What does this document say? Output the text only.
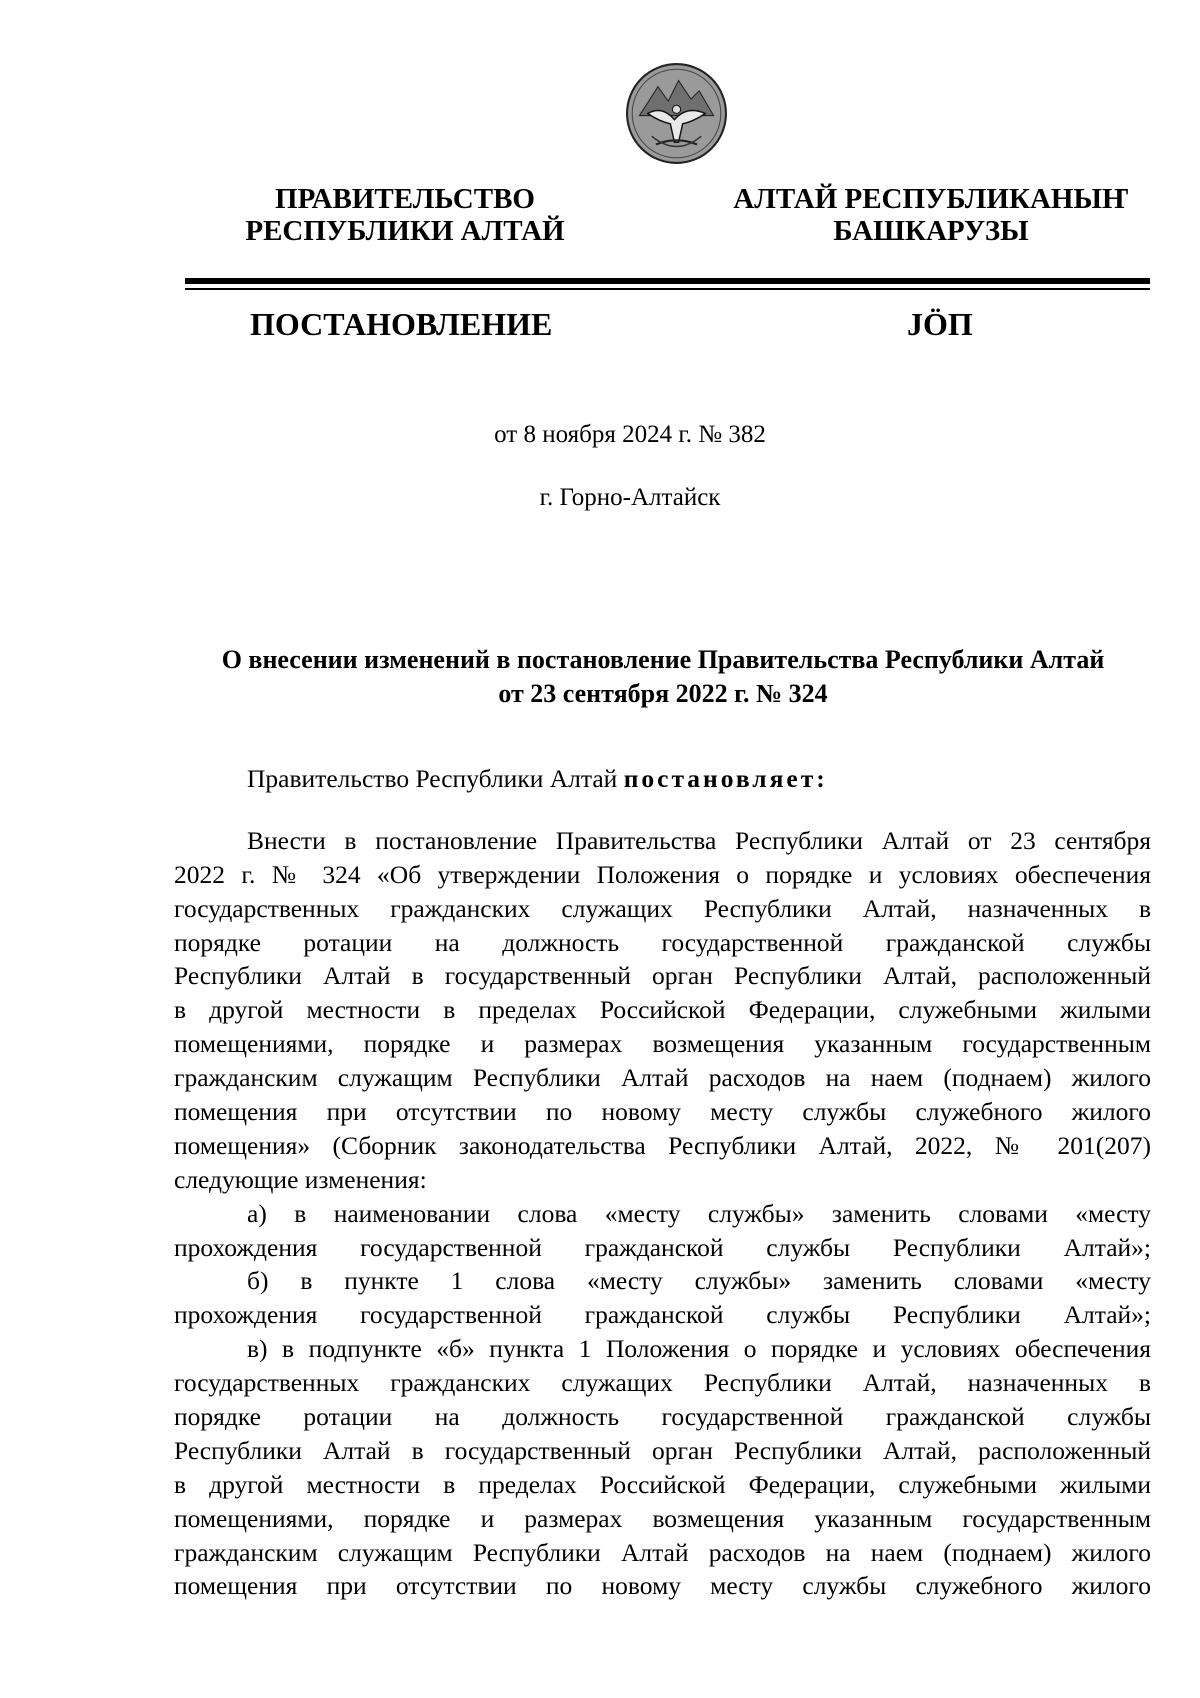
ПРАВИТЕЛЬСТВО
РЕСПУБЛИКИ АЛТАЙ
АЛТАЙ РЕСПУБЛИКАНЫҤ
БАШКАРУЗЫ
ПОСТАНОВЛЕНИЕ	JÖП
от 8 ноября 2024 г. № 382
г. Горно-Алтайск
О внесении изменений в постановление Правительства Республики Алтай
от 23 сентября 2022 г. № 324
Правительство Республики Алтай постановляет:
Внести в постановление Правительства Республики Алтай от 23 сентября
2022 г. № 324 «Об утверждении Положения о порядке и условиях обеспечения
государственных гражданских служащих Республики Алтай, назначенных в
порядке ротации на должность государственной гражданской службы
Республики Алтай в государственный орган Республики Алтай, расположенный
в другой местности в пределах Российской Федерации, служебными жилыми
помещениями, порядке и размерах возмещения указанным государственным
гражданским служащим Республики Алтай расходов на наем (поднаем) жилого
помещения при отсутствии по новому месту службы служебного жилого
помещения» (Сборник законодательства Республики Алтай, 2022, № 201(207)
следующие изменения:
а) в наименовании слова «месту службы» заменить словами «месту
прохождения государственной гражданской службы Республики Алтай»;
б) в пункте 1 слова «месту службы» заменить словами «месту
прохождения государственной гражданской службы Республики Алтай»;
в) в подпункте «б» пункта 1 Положения о порядке и условиях обеспечения
государственных гражданских служащих Республики Алтай, назначенных в
порядке ротации на должность государственной гражданской службы
Республики Алтай в государственный орган Республики Алтай, расположенный
в другой местности в пределах Российской Федерации, служебными жилыми
помещениями, порядке и размерах возмещения указанным государственным
гражданским служащим Республики Алтай расходов на наем (поднаем) жилого
помещения при отсутствии по новому месту службы служебного жилого
